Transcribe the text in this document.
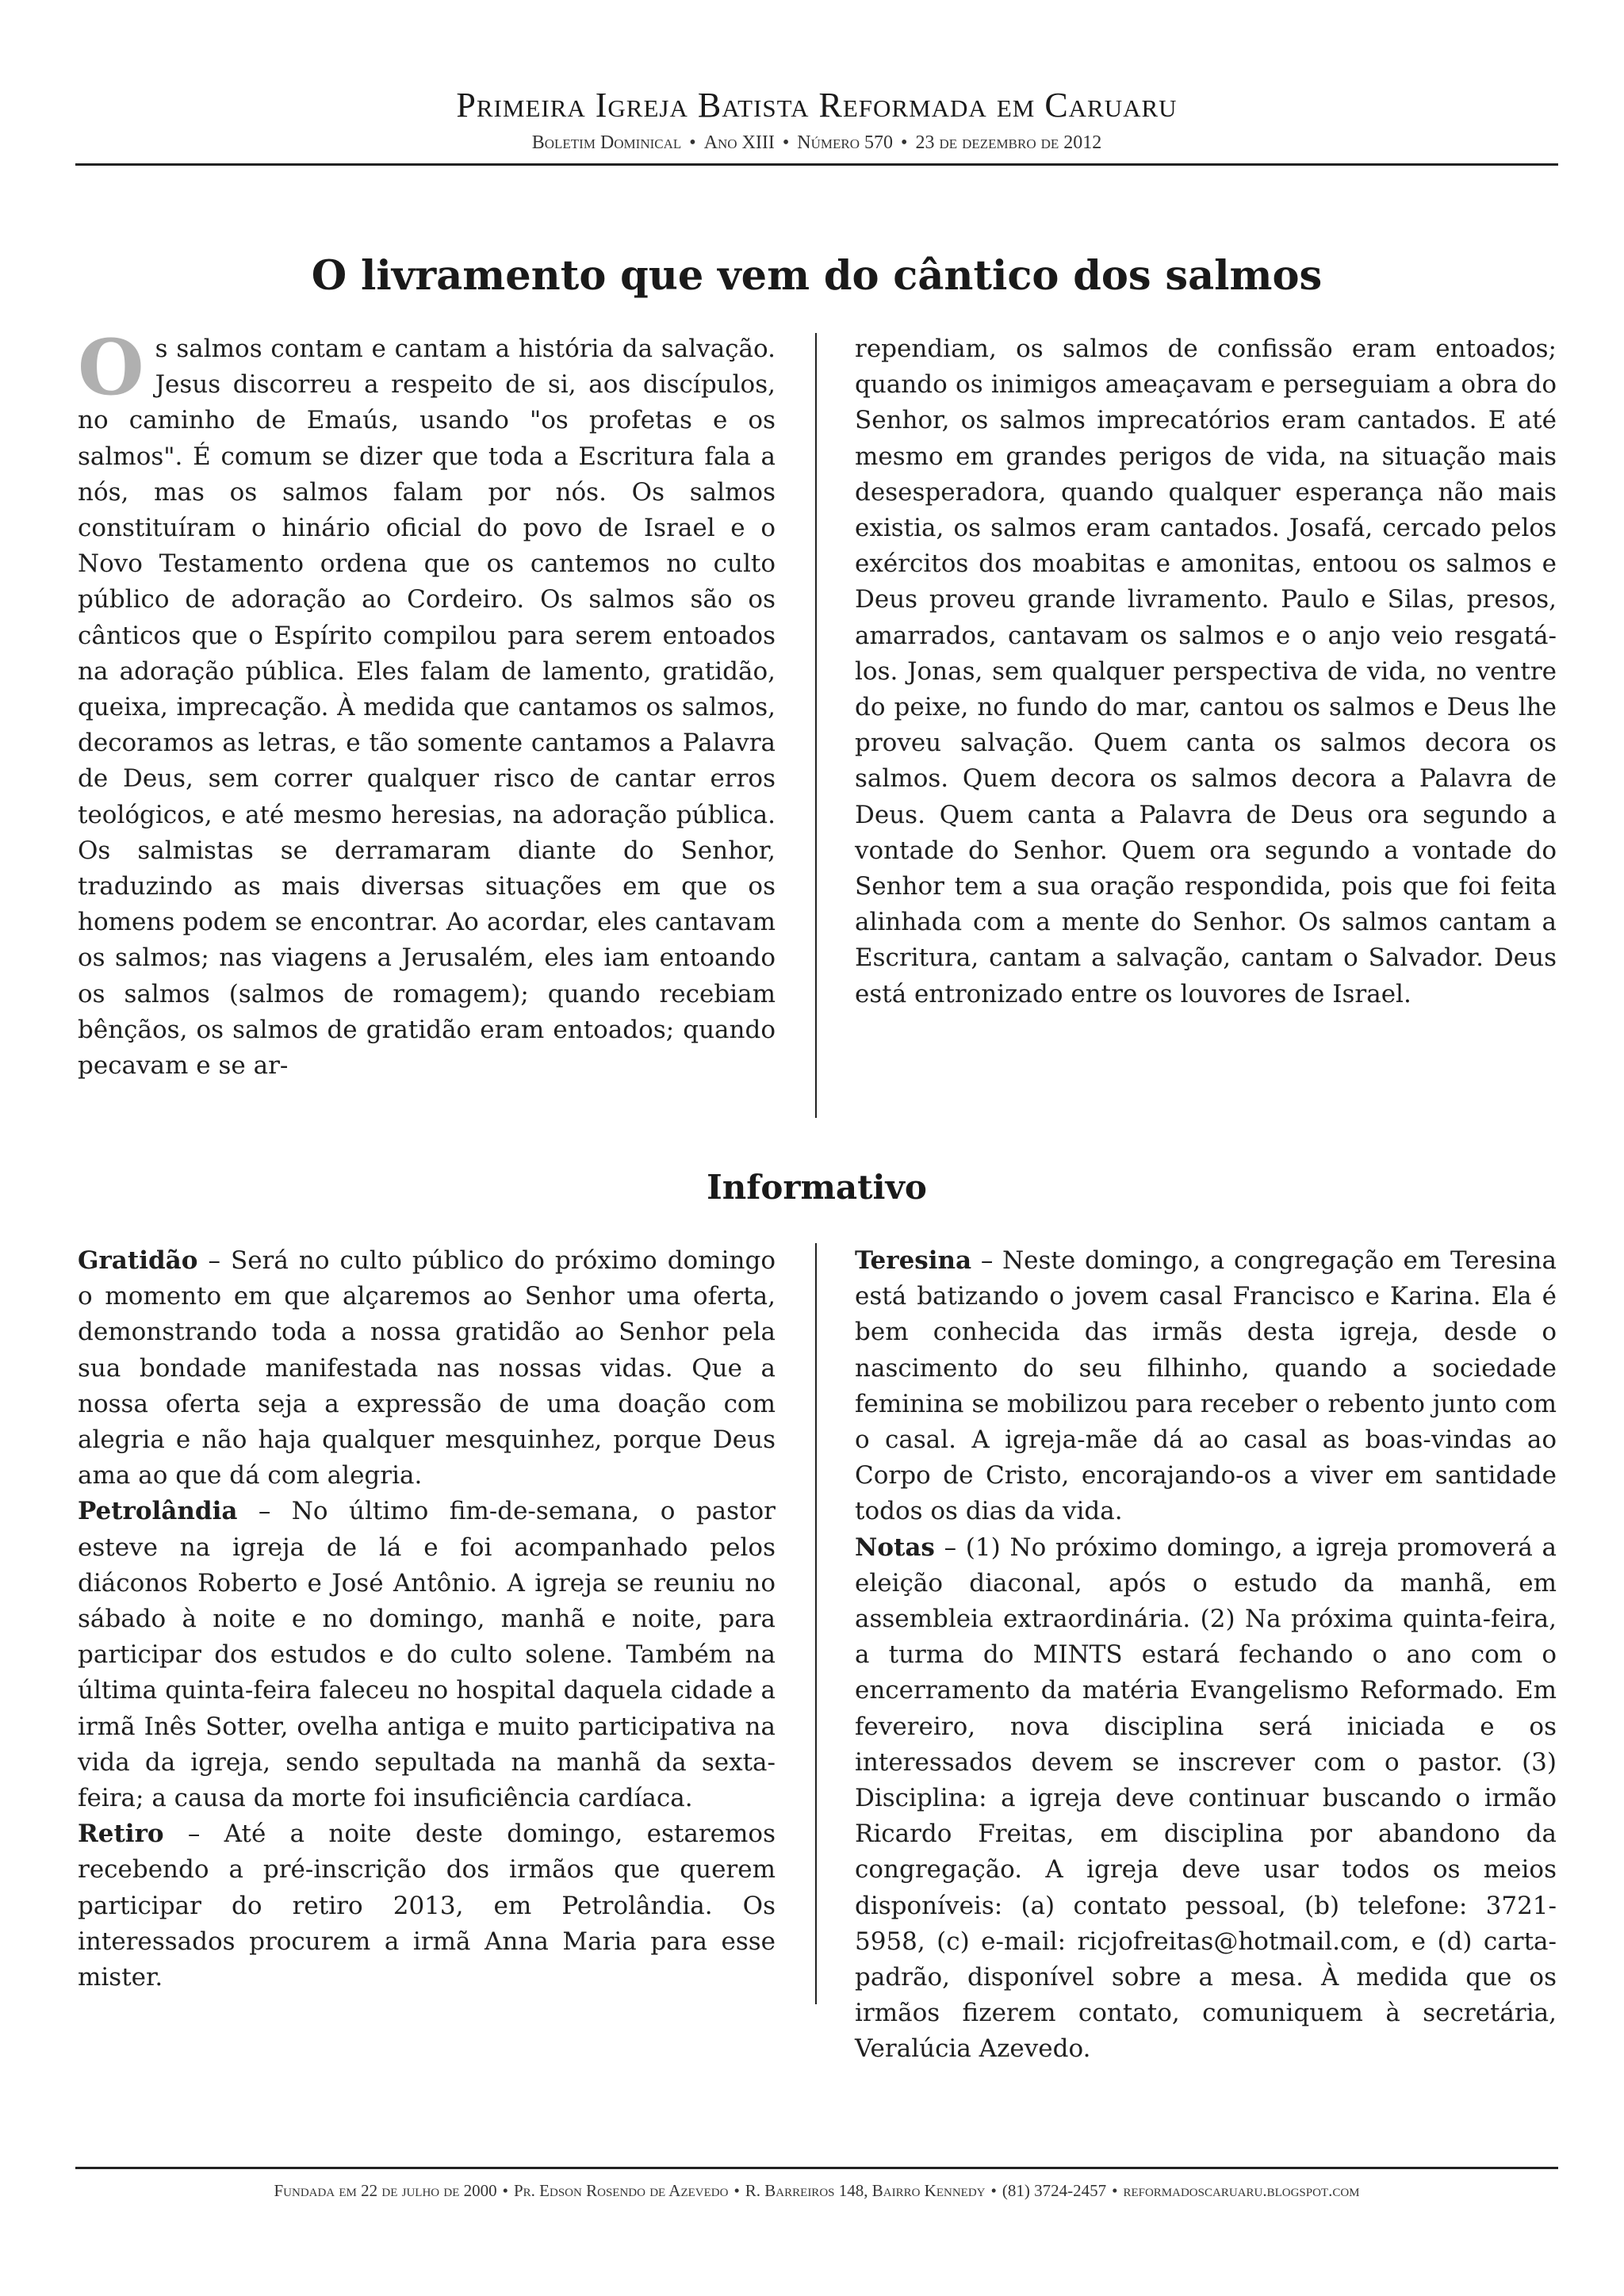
Primeira Igreja Batista Reformada em Caruaru
Boletim Dominical • Ano XIII • Número 570 • 23 de dezembro de 2012
O livramento que vem do cântico dos salmos

Os salmos contam e cantam a história da salvação. Jesus discorreu a respeito de si, aos discípulos, no caminho de Emaús, usando "os profetas e os salmos". É comum se dizer que toda a Escritura fala a nós, mas os salmos falam por nós. Os salmos constituíram o hinário oficial do povo de Israel e o Novo Testamento ordena que os cantemos no culto público de adoração ao Cordeiro. Os salmos são os cânticos que o Espírito compilou para serem entoados na adoração pública. Eles falam de lamento, gratidão, queixa, imprecação. À medida que cantamos os salmos, decoramos as letras, e tão somente cantamos a Palavra de Deus, sem correr qualquer risco de cantar erros teológicos, e até mesmo heresias, na adoração pública. Os salmistas se derramaram diante do Senhor, traduzindo as mais diversas situações em que os homens podem se encontrar. Ao acordar, eles cantavam os salmos; nas viagens a Jerusalém, eles iam entoando os salmos (salmos de romagem); quando recebiam bênçãos, os salmos de gratidão eram entoados; quando pecavam e se ar-

rependiam, os salmos de confissão eram entoados; quando os inimigos ameaçavam e perseguiam a obra do Senhor, os salmos imprecatórios eram cantados. E até mesmo em grandes perigos de vida, na situação mais desesperadora, quando qualquer esperança não mais existia, os salmos eram cantados. Josafá, cercado pelos exércitos dos moabitas e amonitas, entoou os salmos e Deus proveu grande livramento. Paulo e Silas, presos, amarrados, cantavam os salmos e o anjo veio resgatá-los. Jonas, sem qualquer perspectiva de vida, no ventre do peixe, no fundo do mar, cantou os salmos e Deus lhe proveu salvação. Quem canta os salmos decora os salmos. Quem decora os salmos decora a Palavra de Deus. Quem canta a Palavra de Deus ora segundo a vontade do Senhor. Quem ora segundo a vontade do Senhor tem a sua oração respondida, pois que foi feita alinhada com a mente do Senhor. Os salmos cantam a Escritura, cantam a salvação, cantam o Salvador. Deus está entronizado entre os louvores de Israel.

Informativo

Gratidão – Será no culto público do próximo domingo o momento em que alçaremos ao Senhor uma oferta, demonstrando toda a nossa gratidão ao Senhor pela sua bondade manifestada nas nossas vidas. Que a nossa oferta seja a expressão de uma doação com alegria e não haja qualquer mesquinhez, porque Deus ama ao que dá com alegria.

Petrolândia – No último fim-de-semana, o pastor esteve na igreja de lá e foi acompanhado pelos diáconos Roberto e José Antônio. A igreja se reuniu no sábado à noite e no domingo, manhã e noite, para participar dos estudos e do culto solene. Também na última quinta-feira faleceu no hospital daquela cidade a irmã Inês Sotter, ovelha antiga e muito participativa na vida da igreja, sendo sepultada na manhã da sexta-feira; a causa da morte foi insuficiência cardíaca.

Retiro – Até a noite deste domingo, estaremos recebendo a pré-inscrição dos irmãos que querem participar do retiro 2013, em Petrolândia. Os interessados procurem a irmã Anna Maria para esse mister.

Teresina – Neste domingo, a congregação em Teresina está batizando o jovem casal Francisco e Karina. Ela é bem conhecida das irmãs desta igreja, desde o nascimento do seu filhinho, quando a sociedade feminina se mobilizou para receber o rebento junto com o casal. A igreja-mãe dá ao casal as boas-vindas ao Corpo de Cristo, encorajando-os a viver em santidade todos os dias da vida.

Notas – (1) No próximo domingo, a igreja promoverá a eleição diaconal, após o estudo da manhã, em assembleia extraordinária. (2) Na próxima quinta-feira, a turma do MINTS estará fechando o ano com o encerramento da matéria Evangelismo Reformado. Em fevereiro, nova disciplina será iniciada e os interessados devem se inscrever com o pastor. (3) Disciplina: a igreja deve continuar buscando o irmão Ricardo Freitas, em disciplina por abandono da congregação. A igreja deve usar todos os meios disponíveis: (a) contato pessoal, (b) telefone: 3721-5958, (c) e-mail: ricjofreitas@hotmail.com, e (d) carta-padrão, disponível sobre a mesa. À medida que os irmãos fizerem contato, comuniquem à secretária, Veralúcia Azevedo.

Fundada em 22 de julho de 2000 • Pr. Edson Rosendo de Azevedo • R. Barreiros 148, Bairro Kennedy • (81) 3724-2457 • reformadoscaruaru.blogspot.com
